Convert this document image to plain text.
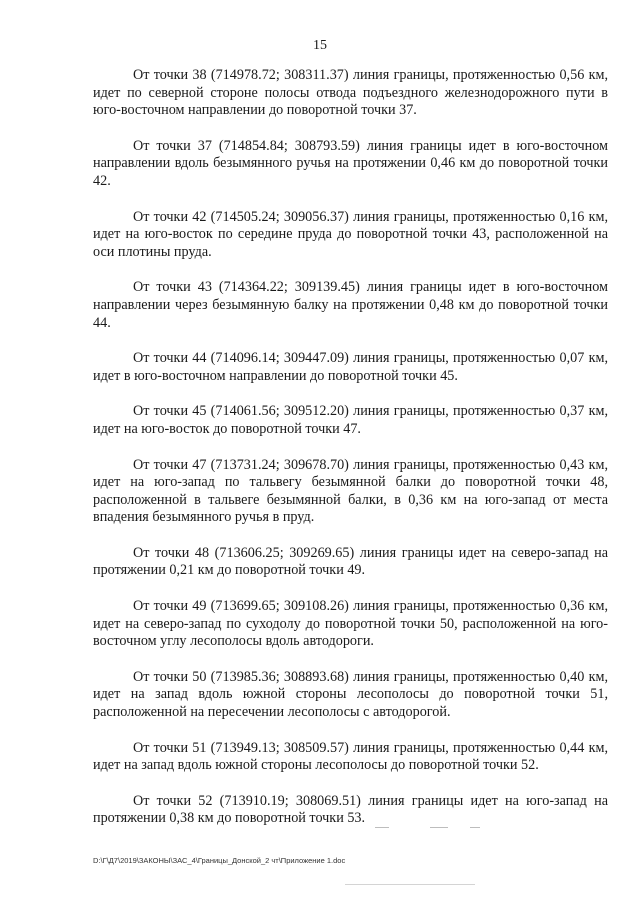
15

От точки 38 (714978.72; 308311.37) линия границы, протяженностью 0,56 км, идет по северной стороне полосы отвода подъездного железнодорожного пути в юго-восточном направлении до поворотной точки 37.

От точки 37 (714854.84; 308793.59) линия границы идет в юго-восточном направлении вдоль безымянного ручья на протяжении 0,46 км до поворотной точки 42.

От точки 42 (714505.24; 309056.37) линия границы, протяженностью 0,16 км, идет на юго-восток по середине пруда до поворотной точки 43, расположенной на оси плотины пруда.

От точки 43 (714364.22; 309139.45) линия границы идет в юго-восточном направлении через безымянную балку на протяжении 0,48 км до поворотной точки 44.

От точки 44 (714096.14; 309447.09) линия границы, протяженностью 0,07 км, идет в юго-восточном направлении до поворотной точки 45.

От точки 45 (714061.56; 309512.20) линия границы, протяженностью 0,37 км, идет на юго-восток до поворотной точки 47.

От точки 47 (713731.24; 309678.70) линия границы, протяженностью 0,43 км, идет на юго-запад по тальвегу безымянной балки до поворотной точки 48, расположенной в тальвеге безымянной балки, в 0,36 км на юго-запад от места впадения безымянного ручья в пруд.

От точки 48 (713606.25; 309269.65) линия границы идет на северо-запад на протяжении 0,21 км до поворотной точки 49.

От точки 49 (713699.65; 309108.26) линия границы, протяженностью 0,36 км, идет на северо-запад по суходолу до поворотной точки 50, расположенной на юго-восточном углу лесополосы вдоль автодороги.

От точки 50 (713985.36; 308893.68) линия границы, протяженностью 0,40 км, идет на запад вдоль южной стороны лесополосы до поворотной точки 51, расположенной на пересечении лесополосы с автодорогой.

От точки 51 (713949.13; 308509.57) линия границы, протяженностью 0,44 км, идет на запад вдоль южной стороны лесополосы до поворотной точки 52.

От точки 52 (713910.19; 308069.51) линия границы идет на юго-запад на протяжении 0,38 км до поворотной точки 53.

D:\Г\Д7\2019\ЗАКОНЫ\ЗАС_4\Границы_Донской_2 чт\Приложение 1.doc
